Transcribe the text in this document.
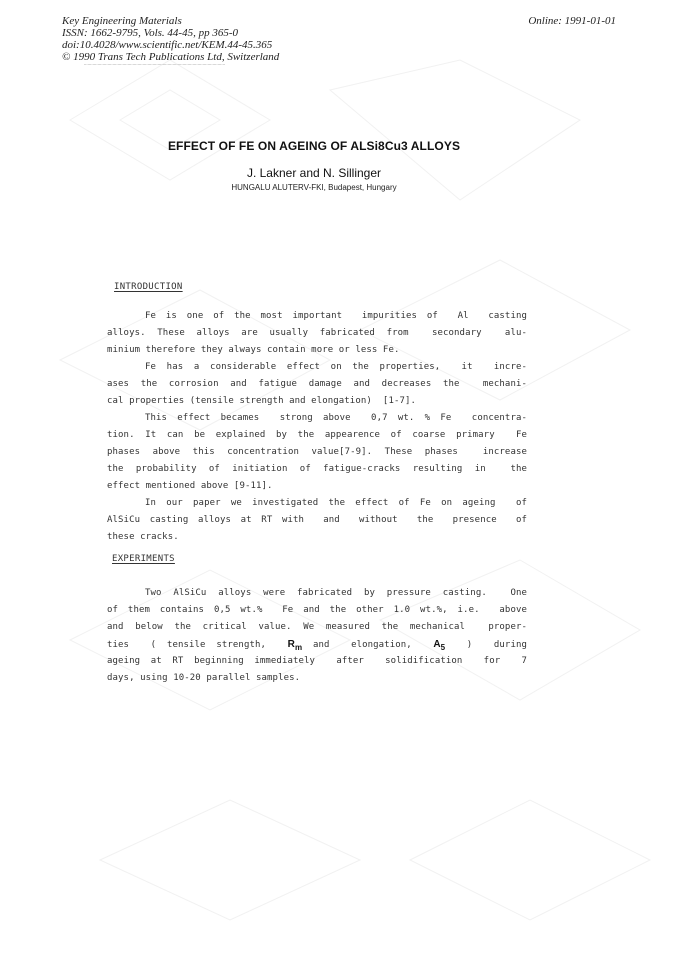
Key Engineering Materials
ISSN: 1662-9795, Vols. 44-45, pp 365-0
doi:10.4028/www.scientific.net/KEM.44-45.365
© 1990 Trans Tech Publications Ltd, Switzerland
.................................................................................................................
Online: 1991-01-01
EFFECT OF FE ON AGEING OF ALSi8Cu3 ALLOYS
J. Lakner and N. Sillinger
HUNGALU ALUTERV-FKI, Budapest, Hungary
INTRODUCTION
Fe is one of the most important  impurities of  Al  casting
alloys. These alloys are usually fabricated from  secondary  alu-
minium therefore they always contain more or less Fe.
Fe has a considerable effect on the properties,  it  incre-
ases the corrosion and fatigue damage and decreases the  mechani-
cal properties (tensile strength and elongation)  [1-7].
This effect becames  strong above  0,7 wt. % Fe  concentra-
tion. It can be explained by the appearence of coarse primary  Fe
phases above this concentration value[7-9]. These phases  increase
the probability of initiation of fatigue-cracks resulting in  the
effect mentioned above [9-11].
In our paper we investigated the effect of Fe on ageing  of
AlSiCu casting alloys at RT with  and  without  the  presence  of
these cracks.
EXPERIMENTS
Two AlSiCu alloys were fabricated by pressure casting.  One
of them contains 0,5 wt.%  Fe and the other 1.0 wt.%, i.e.  above
and below the critical value. We measured the mechanical  proper-
ties  ( tensile strength,  $R_m$ and  elongation,  $A_5$  )  during
ageing at RT beginning immediately  after  solidification  for  7
days, using 10-20 parallel samples.
